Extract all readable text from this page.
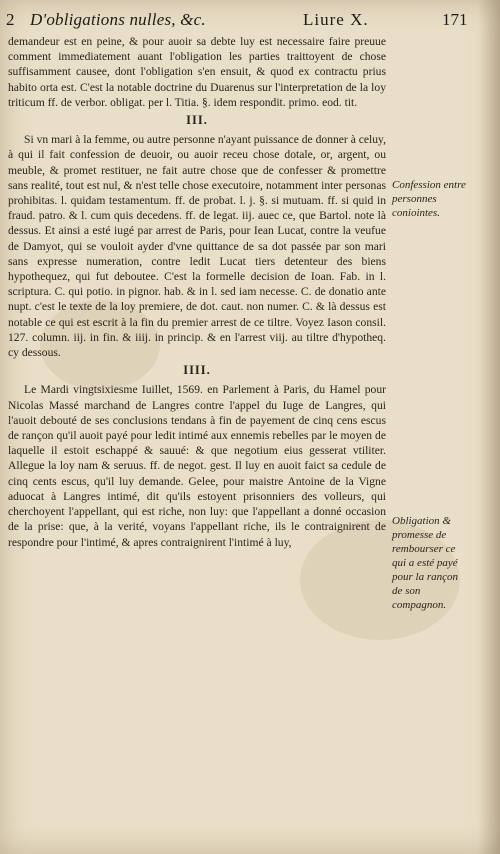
2 D'obligations nulles, &c.	Liure X.	171

demandeur est en peine, & pour auoir sa debte luy est necessaire faire preuue comment immediatement auant l'obligation les parties traittoyent de chose suffisamment causee, dont l'obligation s'en ensuit, & quod ex contractu prius habito orta est. C'est la notable doctrine du Duarenus sur l'interpretation de la loy triticum ff. de verbor. obligat. per l. Titia. §. idem respondit. primo. eod. tit.

III.

Si vn mari à la femme, ou autre personne n'ayant puissance de donner à celuy, à qui il fait confession de deuoir, ou auoir receu chose dotale, or, argent, ou meuble, & promet restituer, ne fait autre chose que de confesser & promettre sans realité, tout est nul, & n'est telle chose executoire, notamment inter personas prohibitas. l. quidam testamentum. ff. de probat. l. j. §. si mutuam. ff. si quid in fraud. patro. & l. cum quis decedens. ff. de legat. iij. auec ce, que Bartol. note là dessus. Et ainsi a esté iugé par arrest de Paris, pour Iean Lucat, contre la veufue de Damyot, qui se vouloit ayder d'vne quittance de sa dot passée par son mari sans expresse numeration, contre ledit Lucat tiers detenteur des biens hypothequez, qui fut deboutee. C'est la formelle decision de Ioan. Fab. in l. scriptura. C. qui potio. in pignor. hab. & in l. sed iam necesse. C. de donatio ante nupt. c'est le texte de la loy premiere, de dot. caut. non numer. C. & là dessus est notable ce qui est escrit à la fin du premier arrest de ce tiltre. Voyez Iason consil. 127. column. iij. in fin. & iiij. in princip. & en l'arrest viij. au tiltre d'hypotheq. cy dessous.

IIII.

Le Mardi vingtsixiesme Iuillet, 1569. en Parlement à Paris, du Hamel pour Nicolas Massé marchand de Langres contre l'appel du Iuge de Langres, qui l'auoit debouté de ses conclusions tendans à fin de payement de cinq cens escus de rançon qu'il auoit payé pour ledit intimé aux ennemis rebelles par le moyen de laquelle il estoit eschappé & sauué: & que negotium eius gesserat vtiliter. Allegue la loy nam & seruus. ff. de negot. gest. Il luy en auoit faict sa cedule de cinq cents escus, qu'il luy demande. Gelee, pour maistre Antoine de la Vigne aduocat à Langres intimé, dit qu'ils estoyent prisonniers des volleurs, qui cherchoyent l'appellant, qui est riche, non luy: que l'appellant a donné occasion de la prise: que, à la verité, voyans l'appellant riche, ils le contraignirent de respondre pour l'intimé, & apres contraignirent l'intimé à luy,

Confession entre personnes coniointes.
Obligation & promesse de rembourser ce qui a esté payé pour la rançon de son compagnon.
